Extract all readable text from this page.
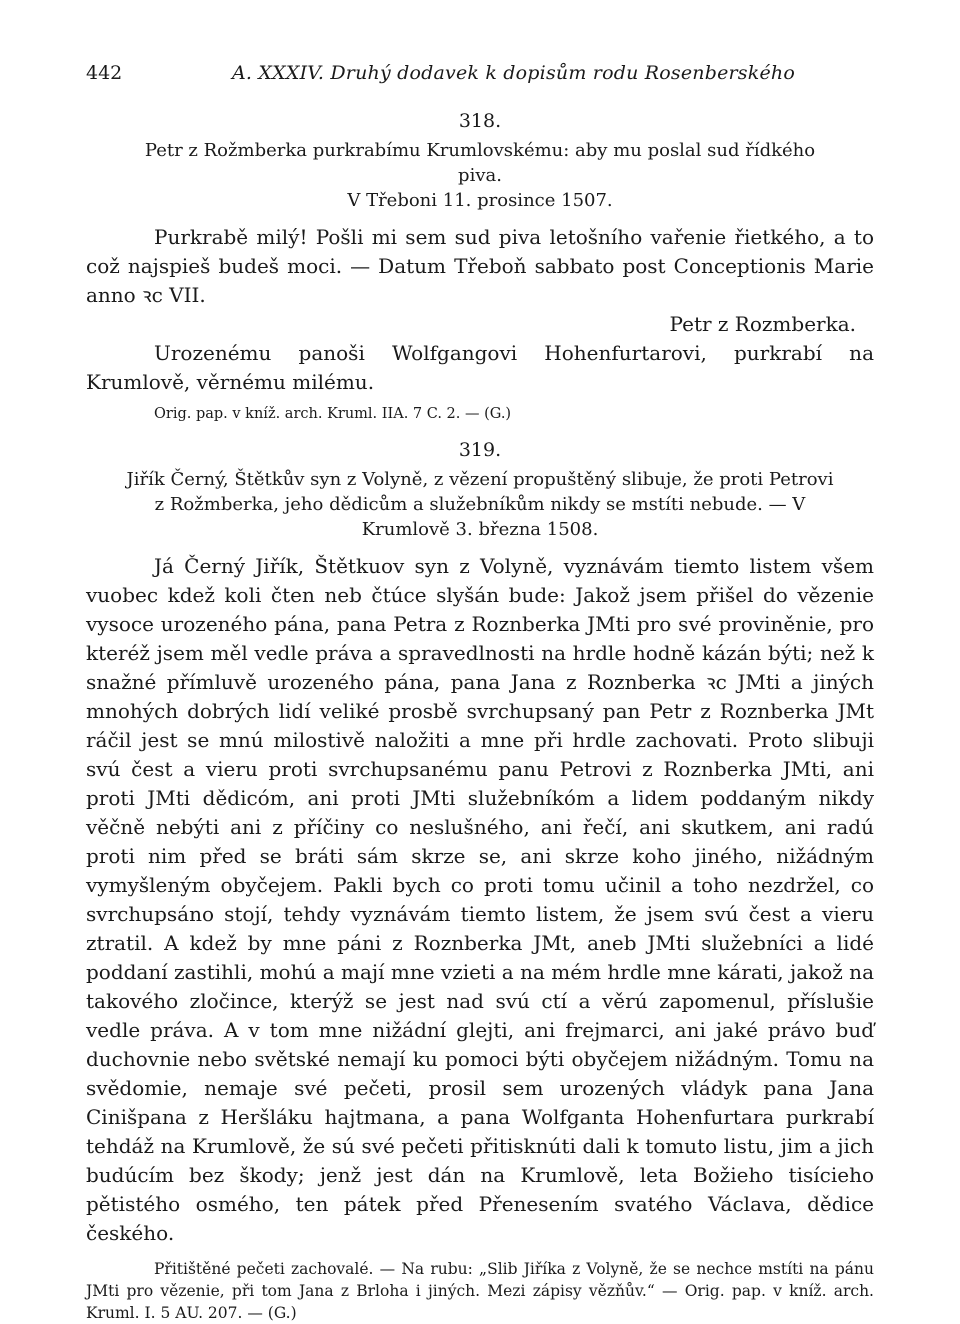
442	A. XXXIV. Druhý dodavek k dopisům rodu Rosenberského
318.
Petr z Rožmberka purkrabímu Krumlovskému: aby mu poslal sud řídkého piva.
V Třeboni 11. prosince 1507.

Purkrabě milý! Pošli mi sem sud piva letošního vařenie řietkého, a to což najspieš budeš moci. — Datum Třeboň sabbato post Conceptionis Marie anno ꝛc VII.

Petr z Rozmberka.

Urozenému panoši Wolfgangovi Hohenfurtarovi, purkrabí na Krumlově, věrnému milému.

Orig. pap. v kníž. arch. Kruml. IIA. 7 C. 2. — (G.)
319.
Jiřík Černý, Štětkův syn z Volyně, z vězení propuštěný slibuje, že proti Petrovi z Rožmberka, jeho dědicům a služebníkům nikdy se mstíti nebude. — V Krumlově 3. března 1508.

Já Černý Jiřík, Štětkuov syn z Volyně, vyznávám tiemto listem všem vuobec kdež koli čten neb čtúce slyšán bude: Jakož jsem přišel do vězenie vysoce urozeného pána, pana Petra z Roznberka JMti pro své proviněnie, pro kteréž jsem měl vedle práva a spravedlnosti na hrdle hodně kázán býti; než k snažné přímluvě urozeného pána, pana Jana z Roznberka ꝛc JMti a jiných mnohých dobrých lidí veliké prosbě svrchupsaný pan Petr z Roznberka JMt ráčil jest se mnú milostivě naložiti a mne při hrdle zachovati. Proto slibuji svú čest a vieru proti svrchupsanému panu Petrovi z Roznberka JMti, ani proti JMti dědicóm, ani proti JMti služebníkóm a lidem poddaným nikdy věčně nebýti ani z příčiny co neslušného, ani řečí, ani skutkem, ani radú proti nim před se bráti sám skrze se, ani skrze koho jiného, nižádným vymyšleným obyčejem. Pakli bych co proti tomu učinil a toho nezdržel, co svrchupsáno stojí, tehdy vyznávám tiemto listem, že jsem svú čest a vieru ztratil. A kdež by mne páni z Roznberka JMt, aneb JMti služebníci a lidé poddaní zastihli, mohú a mají mne vzieti a na mém hrdle mne kárati, jakož na takového zločince, kterýž se jest nad svú ctí a věrú zapomenul, příslušie vedle práva. A v tom mne nižádní glejti, ani frejmarci, ani jaké právo buď duchovnie nebo světské nemají ku pomoci býti obyčejem nižádným. Tomu na svědomie, nemaje své pečeti, prosil sem urozených vládyk pana Jana Cinišpana z Heršláku hajtmana, a pana Wolfganta Hohenfurtara purkrabí tehdáž na Krumlově, že sú své pečeti přitisknúti dali k tomuto listu, jim a jich budúcím bez škody; jenž jest dán na Krumlově, leta Božieho tisícieho pětistého osmého, ten pátek před Přenesením svatého Václava, dědice českého.

Přitištěné pečeti zachovalé. — Na rubu: „Slib Jiříka z Volyně, že se nechce mstíti na pánu JMti pro vězenie, při tom Jana z Brloha i jiných. Mezi zápisy vězňův.“ — Orig. pap. v kníž. arch. Kruml. I. 5 AU. 207. — (G.)
